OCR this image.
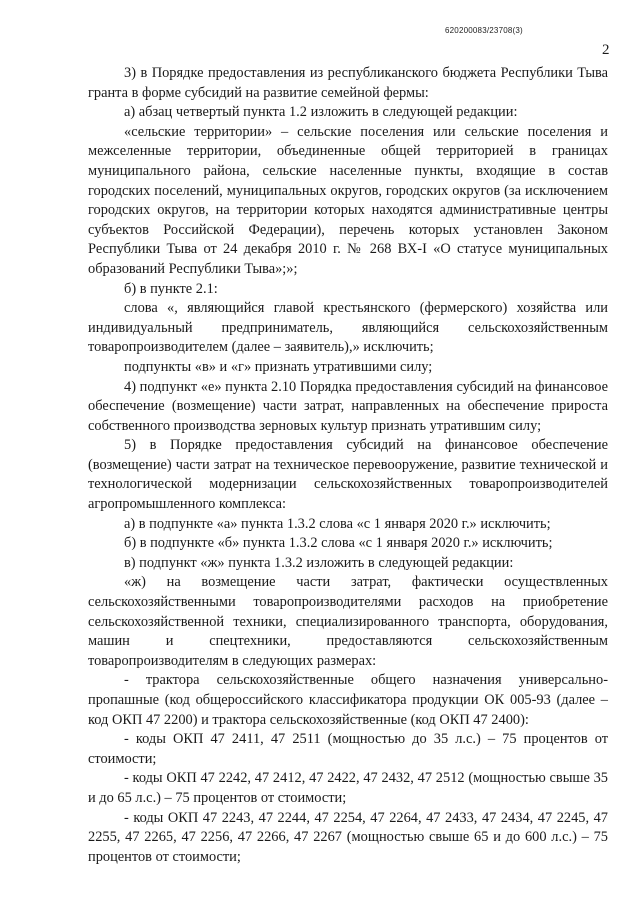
620200083/23708(3)
2

3) в Порядке предоставления из республиканского бюджета Республики Тыва гранта в форме субсидий на развитие семейной фермы:

а) абзац четвертый пункта 1.2 изложить в следующей редакции:

«сельские территории» – сельские поселения или сельские поселения и межселенные территории, объединенные общей территорией в границах муниципального района, сельские населенные пункты, входящие в состав городских поселений, муниципальных округов, городских округов (за исключением городских округов, на территории которых находятся административные центры субъектов Российской Федерации), перечень которых установлен Законом Республики Тыва от 24 декабря 2010 г. № 268 ВХ-I «О статусе муниципальных образований Республики Тыва»;»;

б) в пункте 2.1:

слова «, являющийся главой крестьянского (фермерского) хозяйства или индивидуальный предприниматель, являющийся сельскохозяйственным товаропроизводителем (далее – заявитель),» исключить;

подпункты «в» и «г» признать утратившими силу;

4) подпункт «е» пункта 2.10 Порядка предоставления субсидий на финансовое обеспечение (возмещение) части затрат, направленных на обеспечение прироста собственного производства зерновых культур признать утратившим силу;

5) в Порядке предоставления субсидий на финансовое обеспечение (возмещение) части затрат на техническое перевооружение, развитие технической и технологической модернизации сельскохозяйственных товаропроизводителей агропромышленного комплекса:

а) в подпункте «а» пункта 1.3.2 слова «с 1 января 2020 г.» исключить;

б) в подпункте «б» пункта 1.3.2 слова «с 1 января 2020 г.» исключить;

в) подпункт «ж» пункта 1.3.2 изложить в следующей редакции:

«ж) на возмещение части затрат, фактически осуществленных сельскохозяйственными товаропроизводителями расходов на приобретение сельскохозяйственной техники, специализированного транспорта, оборудования, машин и спецтехники, предоставляются сельскохозяйственным товаропроизводителям в следующих размерах:

- трактора сельскохозяйственные общего назначения универсально-пропашные (код общероссийского классификатора продукции ОК 005-93 (далее – код ОКП 47 2200) и трактора сельскохозяйственные (код ОКП 47 2400):

- коды ОКП 47 2411, 47 2511 (мощностью до 35 л.с.) – 75 процентов от стоимости;

- коды ОКП 47 2242, 47 2412, 47 2422, 47 2432, 47 2512 (мощностью свыше 35 и до 65 л.с.) – 75 процентов от стоимости;

- коды ОКП 47 2243, 47 2244, 47 2254, 47 2264, 47 2433, 47 2434, 47 2245, 47 2255, 47 2265, 47 2256, 47 2266, 47 2267 (мощностью свыше 65 и до 600 л.с.) – 75 процентов от стоимости;
